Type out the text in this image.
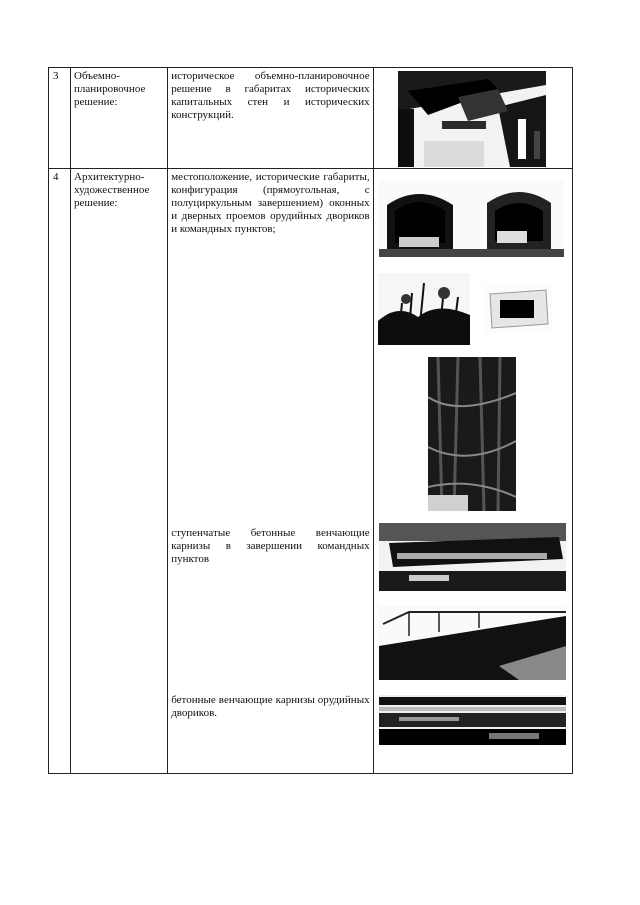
3	Объемно-планировочное решение:	историческое объемно-планировочное решение в габаритах исторических капитальных стен и исторических конструкций.

4	Архитектурно-художественное решение:	местоположение, исторические габариты, конфигурация (прямоугольная, с полуциркульным завершением) оконных и дверных проемов орудийных двориков и командных пунктов;
ступенчатые бетонные венчающие карнизы в завершении командных пунктов
бетонные венчающие карнизы орудийных двориков.
